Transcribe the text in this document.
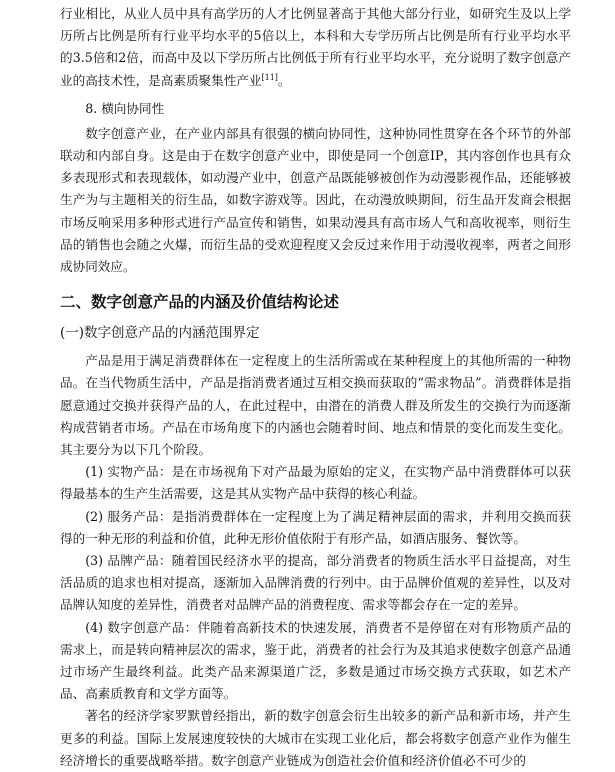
行业相比，从业人员中具有高学历的人才比例显著高于其他大部分行业，如研究生及以上学历所占比例是所有行业平均水平的5倍以上，本科和大专学历所占比例是所有行业平均水平的3.5倍和2倍，而高中及以下学历所占比例低于所有行业平均水平，充分说明了数字创意产业的高技术性，是高素质聚集性产业[11]。

8. 横向协同性

数字创意产业，在产业内部具有很强的横向协同性，这种协同性贯穿在各个环节的外部联动和内部自身。这是由于在数字创意产业中，即使是同一个创意IP，其内容创作也具有众多表现形式和表现载体，如动漫产业中，创意产品既能够被创作为动漫影视作品，还能够被生产为与主题相关的衍生品，如数字游戏等。因此，在动漫放映期间，衍生品开发商会根据市场反响采用多种形式进行产品宣传和销售，如果动漫具有高市场人气和高收视率，则衍生品的销售也会随之火爆，而衍生品的受欢迎程度又会反过来作用于动漫收视率，两者之间形成协同效应。

二、数字创意产品的内涵及价值结构论述

(一)数字创意产品的内涵范围界定

产品是用于满足消费群体在一定程度上的生活所需或在某种程度上的其他所需的一种物品。在当代物质生活中，产品是指消费者通过互相交换而获取的“需求物品”。消费群体是指愿意通过交换并获得产品的人，在此过程中，由潜在的消费人群及所发生的交换行为而逐渐构成营销者市场。产品在市场角度下的内涵也会随着时间、地点和情景的变化而发生变化。其主要分为以下几个阶段。

(1) 实物产品：是在市场视角下对产品最为原始的定义，在实物产品中消费群体可以获得最基本的生产生活需要，这是其从实物产品中获得的核心利益。

(2) 服务产品：是指消费群体在一定程度上为了满足精神层面的需求，并利用交换而获得的一种无形的利益和价值，此种无形价值依附于有形产品，如酒店服务、餐饮等。

(3) 品牌产品：随着国民经济水平的提高，部分消费者的物质生活水平日益提高，对生活品质的追求也相对提高，逐渐加入品牌消费的行列中。由于品牌价值观的差异性，以及对品牌认知度的差异性，消费者对品牌产品的消费程度、需求等都会存在一定的差异。

(4) 数字创意产品：伴随着高新技术的快速发展，消费者不是停留在对有形物质产品的需求上，而是转向精神层次的需求，鉴于此，消费者的社会行为及其追求使数字创意产品通过市场产生最终利益。此类产品来源渠道广泛，多数是通过市场交换方式获取，如艺术产品、高素质教育和文学方面等。

著名的经济学家罗默曾经指出，新的数字创意会衍生出较多的新产品和新市场，并产生更多的利益。国际上发展速度较快的大城市在实现工业化后，都会将数字创意产业作为催生经济增长的重要战略举措。数字创意产业链成为创造社会价值和经济价值必不可少的
